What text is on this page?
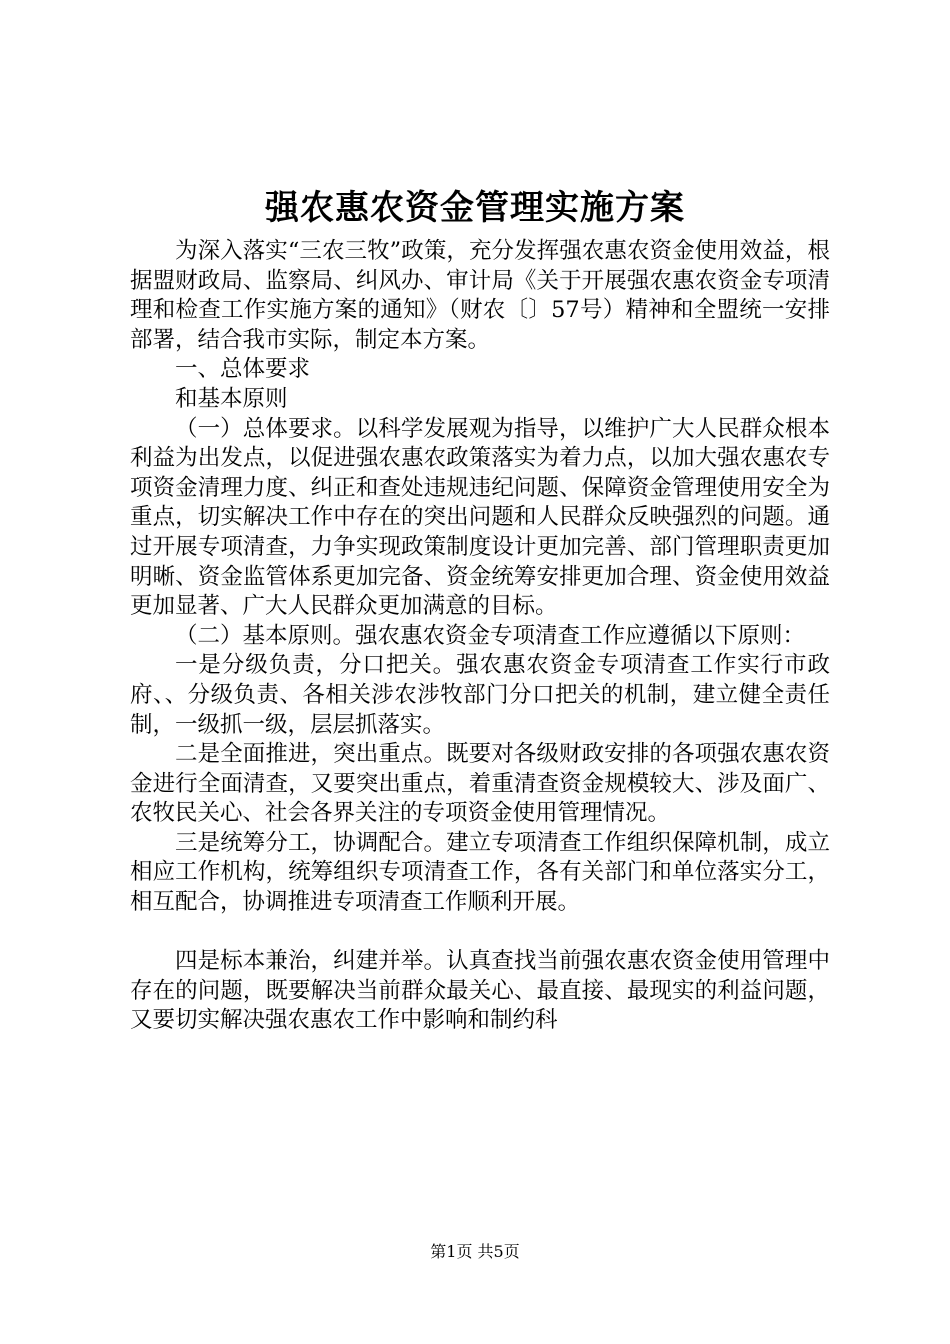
强农惠农资金管理实施方案

为深入落实“三农三牧”政策，充分发挥强农惠农资金使用效益，根据盟财政局、监察局、纠风办、审计局《关于开展强农惠农资金专项清理和检查工作实施方案的通知》（财农〔〕57号）精神和全盟统一安排部署，结合我市实际，制定本方案。

一、总体要求

和基本原则

（一）总体要求。以科学发展观为指导，以维护广大人民群众根本利益为出发点，以促进强农惠农政策落实为着力点，以加大强农惠农专项资金清理力度、纠正和查处违规违纪问题、保障资金管理使用安全为重点，切实解决工作中存在的突出问题和人民群众反映强烈的问题。通过开展专项清查，力争实现政策制度设计更加完善、部门管理职责更加明晰、资金监管体系更加完备、资金统筹安排更加合理、资金使用效益更加显著、广大人民群众更加满意的目标。

（二）基本原则。强农惠农资金专项清查工作应遵循以下原则：

一是分级负责，分口把关。强农惠农资金专项清查工作实行市政府、、分级负责、各相关涉农涉牧部门分口把关的机制，建立健全责任制，一级抓一级，层层抓落实。

二是全面推进，突出重点。既要对各级财政安排的各项强农惠农资金进行全面清查，又要突出重点，着重清查资金规模较大、涉及面广、农牧民关心、社会各界关注的专项资金使用管理情况。

三是统筹分工，协调配合。建立专项清查工作组织保障机制，成立相应工作机构，统筹组织专项清查工作，各有关部门和单位落实分工，相互配合，协调推进专项清查工作顺利开展。

四是标本兼治，纠建并举。认真查找当前强农惠农资金使用管理中存在的问题，既要解决当前群众最关心、最直接、最现实的利益问题，又要切实解决强农惠农工作中影响和制约科

第1页 共5页
